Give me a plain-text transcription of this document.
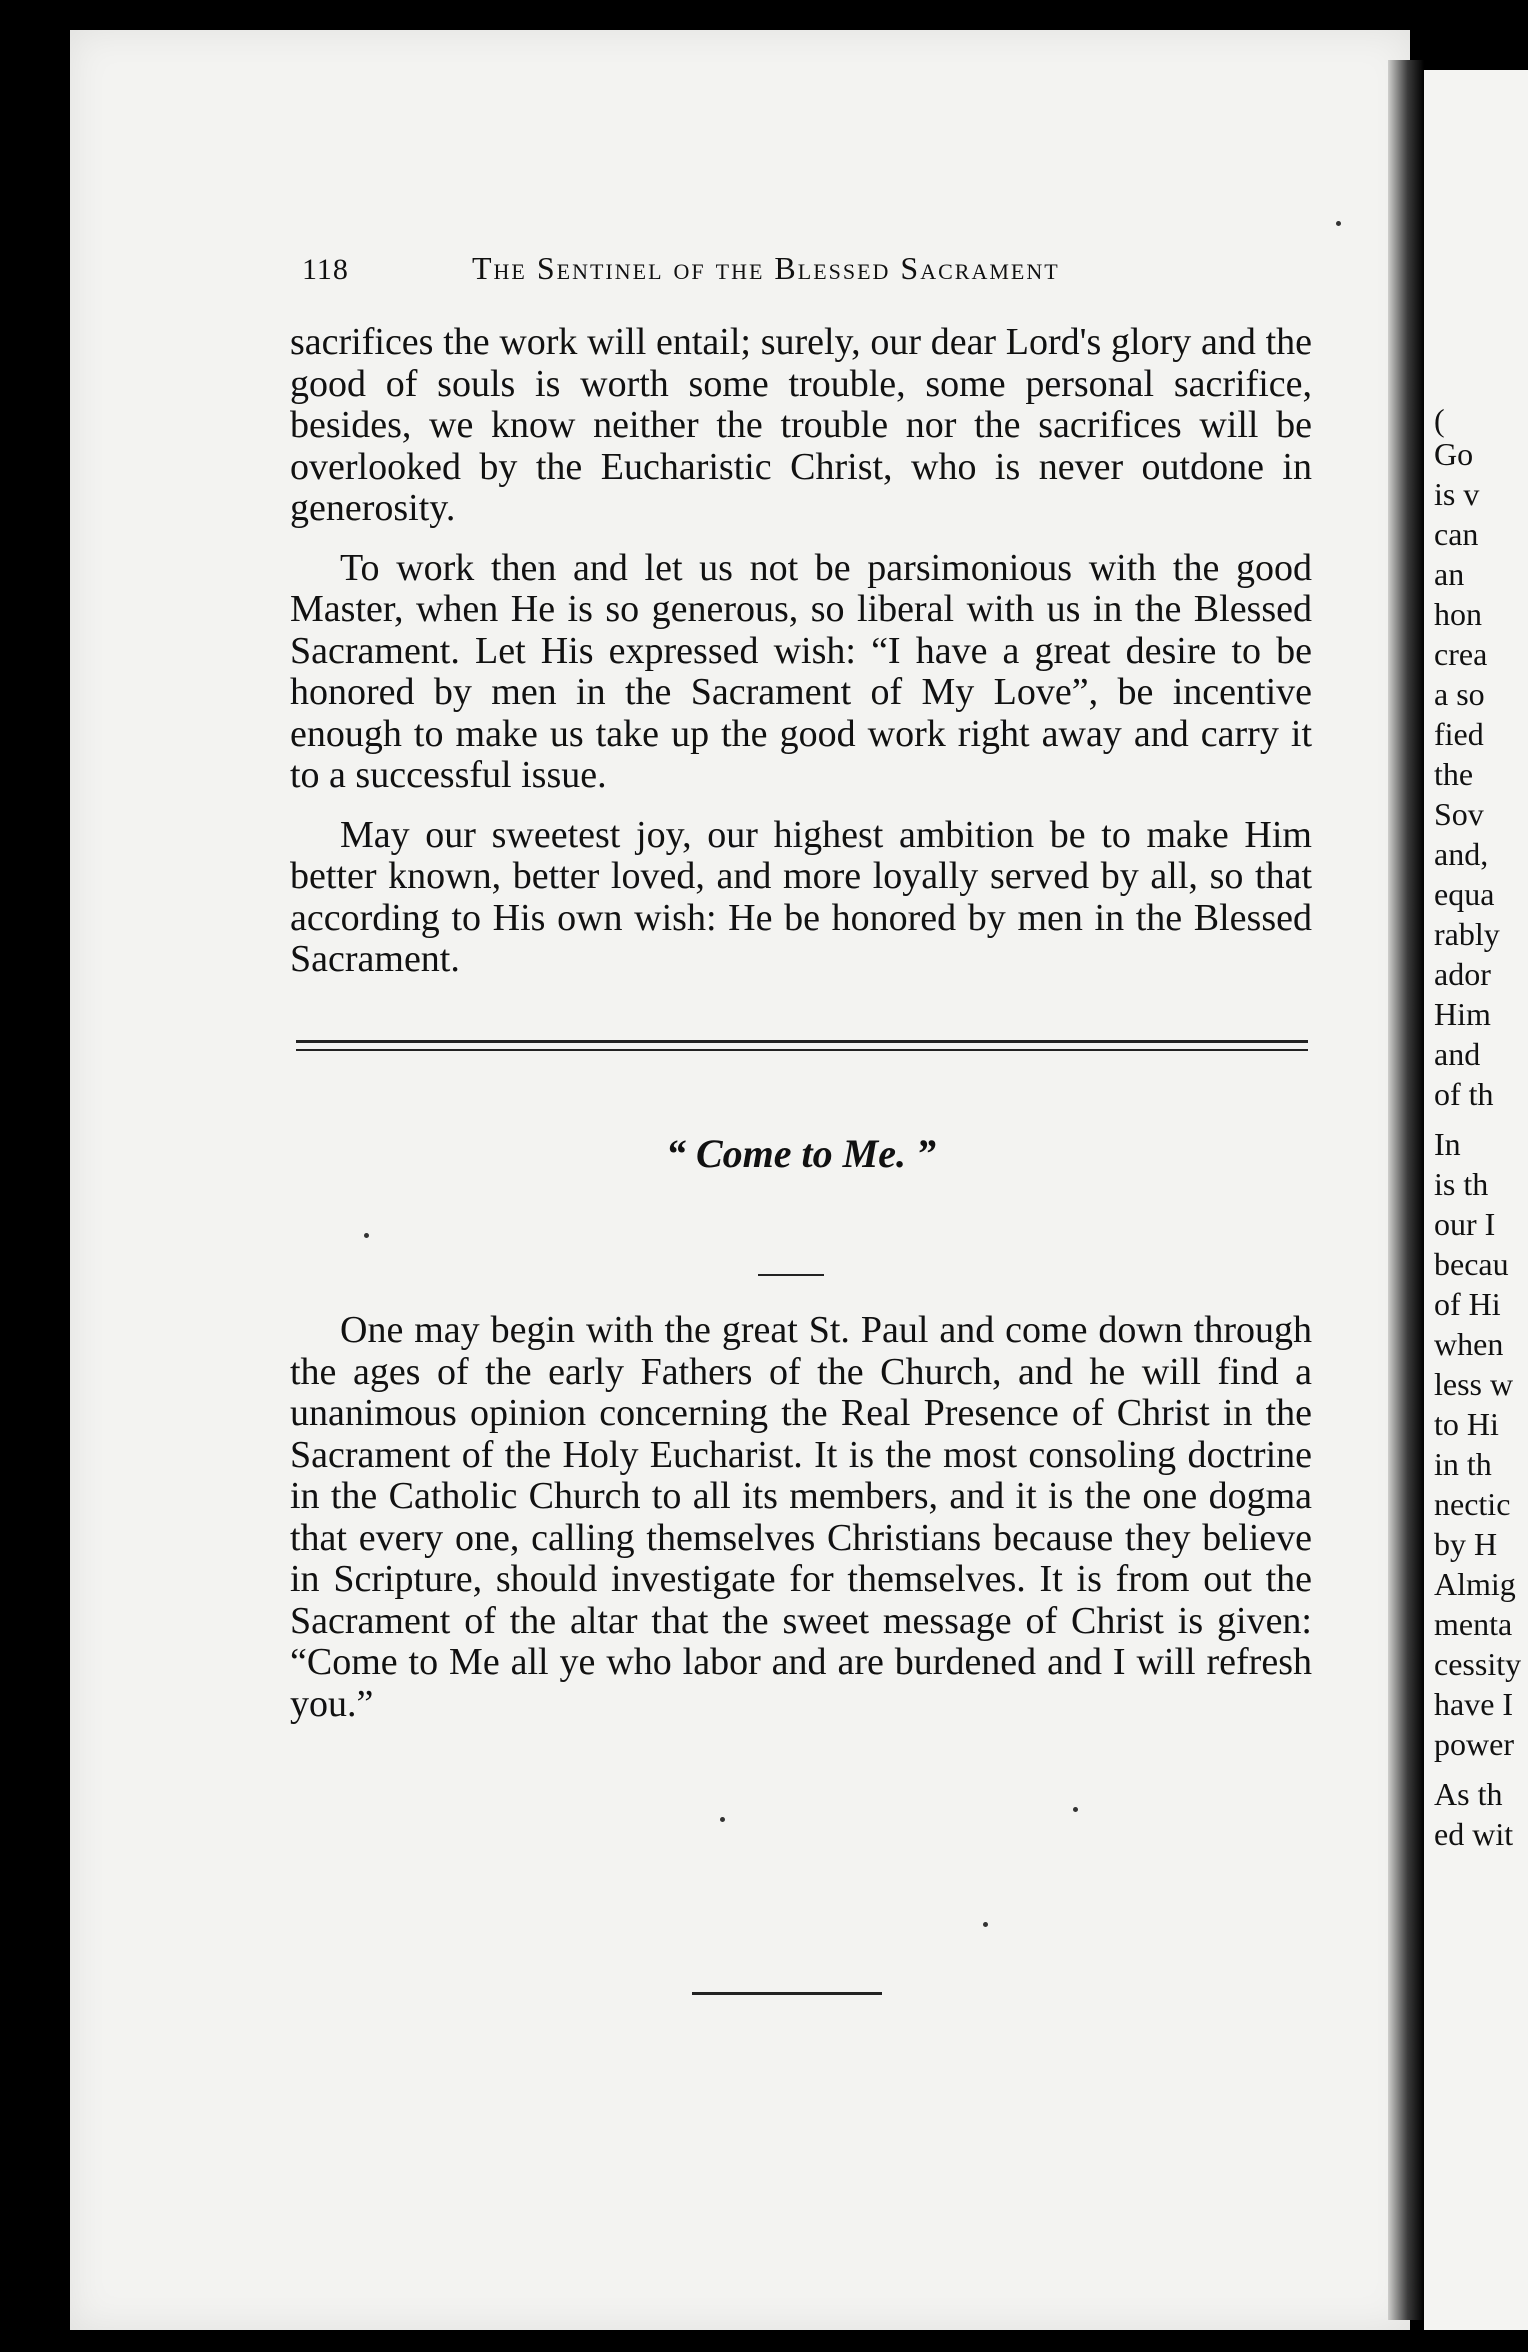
(
Go
is v
can
an
hon
crea
a so
fied
the
Sov
and,
equa
rably
ador
Him
and
of th
In
is th
our I
becau
of Hi
when
less w
to Hi
in th
nectic
by H
Almig
menta
cessity
have I
power
As th
ed wit
118	The Sentinel of the Blessed Sacrament

sacrifices the work will entail; surely, our dear Lord's glory and the good of souls is worth some trouble, some personal sacrifice, besides, we know neither the trouble nor the sacrifices will be overlooked by the Eucharistic Christ, who is never outdone in generosity.

To work then and let us not be parsimonious with the good Master, when He is so generous, so liberal with us in the Blessed Sacrament. Let His expressed wish: “I have a great desire to be honored by men in the Sacrament of My Love”, be incentive enough to make us take up the good work right away and carry it to a successful issue.

May our sweetest joy, our highest ambition be to make Him better known, better loved, and more loyally served by all, so that according to His own wish: He be honored by men in the Blessed Sacrament.

“ Come to Me. ”

One may begin with the great St. Paul and come down through the ages of the early Fathers of the Church, and he will find a unanimous opinion concerning the Real Presence of Christ in the Sacrament of the Holy Eucharist. It is the most consoling doctrine in the Catholic Church to all its members, and it is the one dogma that every one, calling themselves Christians because they believe in Scripture, should investigate for themselves. It is from out the Sacrament of the altar that the sweet message of Christ is given: “Come to Me all ye who labor and are burdened and I will refresh you.”
